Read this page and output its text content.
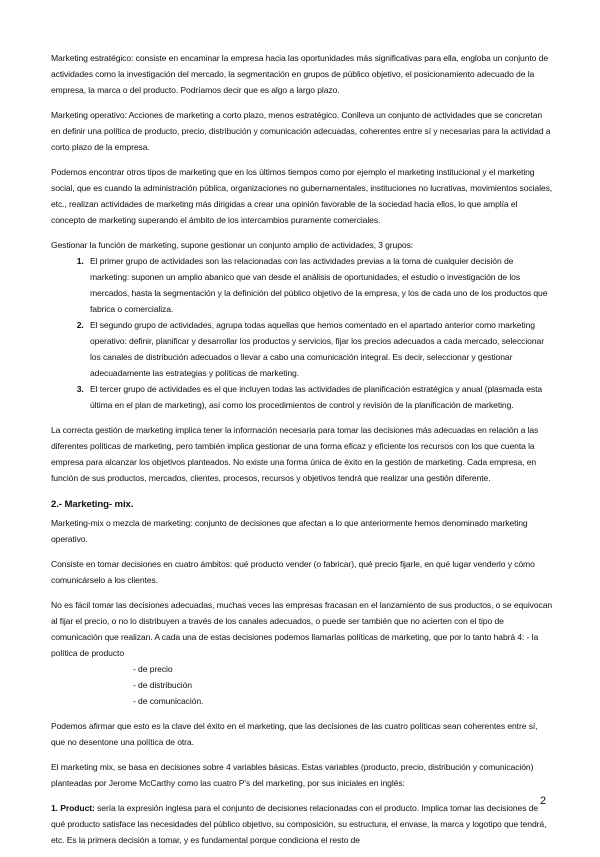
Marketing estratégico: consiste en encaminar la empresa hacia las oportunidades más significativas para ella, engloba un conjunto de actividades como la investigación del mercado, la segmentación en grupos de público objetivo, el posicionamiento adecuado de la empresa, la marca o del producto. Podríamos decir que es algo a largo plazo.

Marketing operativo: Acciones de marketing a corto plazo, menos estratégico. Conlleva un conjunto de actividades que se concretan en definir una política de producto, precio, distribución y comunicación adecuadas, coherentes entre sí y necesarias para la actividad a corto plazo de la empresa.

Podemos encontrar otros tipos de marketing que en los últimos tiempos como por ejemplo el marketing institucional y el marketing social, que es cuando la administración pública, organizaciones no gubernamentales, instituciones no lucrativas, movimientos sociales, etc., realizan actividades de marketing más dirigidas a crear una opinión favorable de la sociedad hacia ellos, lo que amplía el concepto de marketing superando el ámbito de los intercambios puramente comerciales.

Gestionar la función de marketing, supone gestionar un conjunto amplio de actividades, 3 grupos:

1. El primer grupo de actividades son las relacionadas con las actividades previas a la toma de cualquier decisión de marketing: suponen un amplio abanico que van desde el análisis de oportunidades, el estudio o investigación de los mercados, hasta la segmentación y la definición del público objetivo de la empresa, y los de cada uno de los productos que fabrica o comercializa.
2. El segundo grupo de actividades, agrupa todas aquellas que hemos comentado en el apartado anterior como marketing operativo: definir, planificar y desarrollar los productos y servicios, fijar los precios adecuados a cada mercado, seleccionar los canales de distribución adecuados o llevar a cabo una comunicación integral. Es decir, seleccionar y gestionar adecuadamente las estrategias y políticas de marketing.
3. El tercer grupo de actividades es el que incluyen todas las actividades de planificación estratégica y anual (plasmada esta última en el plan de marketing), así como los procedimientos de control y revisión de la planificación de marketing.

La correcta gestión de marketing implica tener la información necesaria para tomar las decisiones más adecuadas en relación a las diferentes políticas de marketing, pero también implica gestionar de una forma eficaz y eficiente los recursos con los que cuenta la empresa para alcanzar los objetivos planteados. No existe una forma única de éxito en la gestión de marketing. Cada empresa, en función de sus productos, mercados, clientes, procesos, recursos y objetivos tendrá que realizar una gestión diferente.

2.- Marketing- mix.

Marketing-mix o mezcla de marketing: conjunto de decisiones que afectan a lo que anteriormente hemos denominado marketing operativo.

Consiste en tomar decisiones en cuatro ámbitos: qué producto vender (o fabricar), qué precio fijarle, en qué lugar venderlo y cómo comunicárselo a los clientes.

No es fácil tomar las decisiones adecuadas, muchas veces las empresas fracasan en el lanzamiento de sus productos, o se equivocan al fijar el precio, o no lo distribuyen a través de los canales adecuados, o puede ser también que no acierten con el tipo de comunicación que realizan. A cada una de estas decisiones podemos llamarlas políticas de marketing, que por lo tanto habrá 4: - la política de producto

- de precio
- de distribución
- de comunicación.

Podemos afirmar que esto es la clave del éxito en el marketing, que las decisiones de las cuatro políticas sean coherentes entre sí, que no desentone una política de otra.

El marketing mix, se basa en decisiones sobre 4 variables básicas. Estas variables (producto, precio, distribución y comunicación) planteadas por Jerome McCarthy como las cuatro P's del marketing, por sus iniciales en inglés:

1. Product: sería la expresión inglesa para el conjunto de decisiones relacionadas con el producto. Implica tomar las decisiones de qué producto satisface las necesidades del público objetivo, su composición, su estructura, el envase, la marca y logotipo que tendrá, etc. Es la primera decisión a tomar, y es fundamental porque condiciona el resto de

2
